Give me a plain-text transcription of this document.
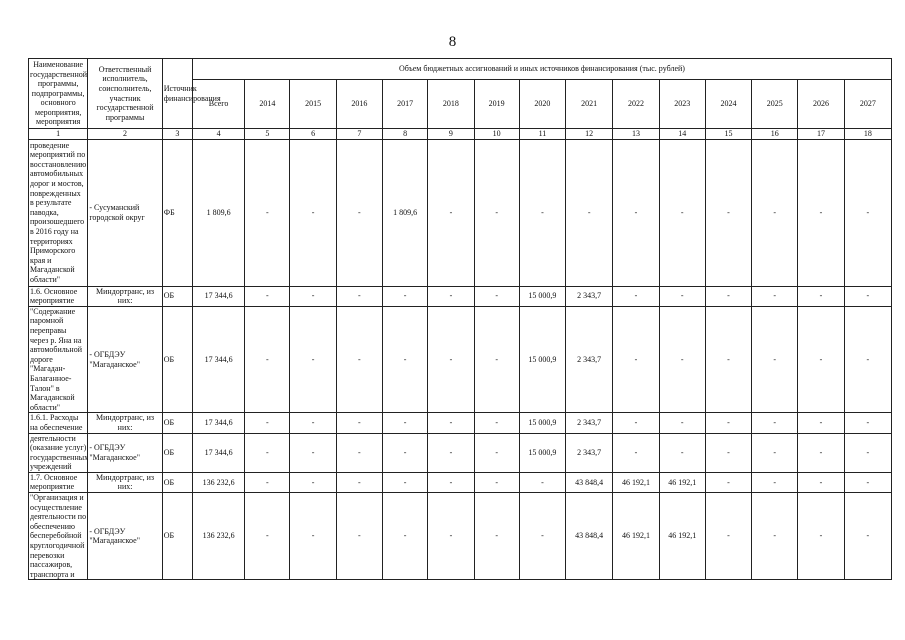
8
Наименование государственной программы, подпрограммы, основного мероприятия, мероприятия	Ответственный исполнитель, соисполнитель, участник государственной программы	Источник финансирования	Объем бюджетных ассигнований и иных источников финансирования (тыс. рублей)														
			Всего	2014	2015	2016	2017	2018	2019	2020	2021	2022	2023	2024	2025	2026	2027
1	2	3	4	5	6	7	8	9	10	11	12	13	14	15	16	17	18
проведение мероприятий по восстановлению автомобильных дорог и мостов, поврежденных в результате паводка, произошедшего в 2016 году на территориях Приморского края и Магаданской области"	- Сусуманский городской округ	ФБ	1 809,6	-	-	-	1 809,6	-	-	-	-	-	-	-	-	-	-
1.6. Основное мероприятие	Миндортранс, из них:	ОБ	17 344,6	-	-	-	-	-	-	15 000,9	2 343,7	-	-	-	-	-	-
"Содержание паромной переправы через р. Яна на автомобильной дороге "Магадан-Балаганное-Талон" в Магаданской области"	- ОГБДЭУ "Магаданское"	ОБ	17 344,6	-	-	-	-	-	-	15 000,9	2 343,7	-	-	-	-	-	-
1.6.1. Расходы на обеспечение	Миндортранс, из них:	ОБ	17 344,6	-	-	-	-	-	-	15 000,9	2 343,7	-	-	-	-	-	-
деятельности (оказание услуг) государственных учреждений	- ОГБДЭУ "Магаданское"	ОБ	17 344,6	-	-	-	-	-	-	15 000,9	2 343,7	-	-	-	-	-	-
1.7. Основное мероприятие	Миндортранс, из них:	ОБ	136 232,6	-	-	-	-	-	-	-	43 848,4	46 192,1	46 192,1	-	-	-	-
"Организация и осуществление деятельности по обеспечению бесперебойной круглогодичной перевозки пассажиров, транспорта и	- ОГБДЭУ "Магаданское"	ОБ	136 232,6	-	-	-	-	-	-	-	43 848,4	46 192,1	46 192,1	-	-	-	-
